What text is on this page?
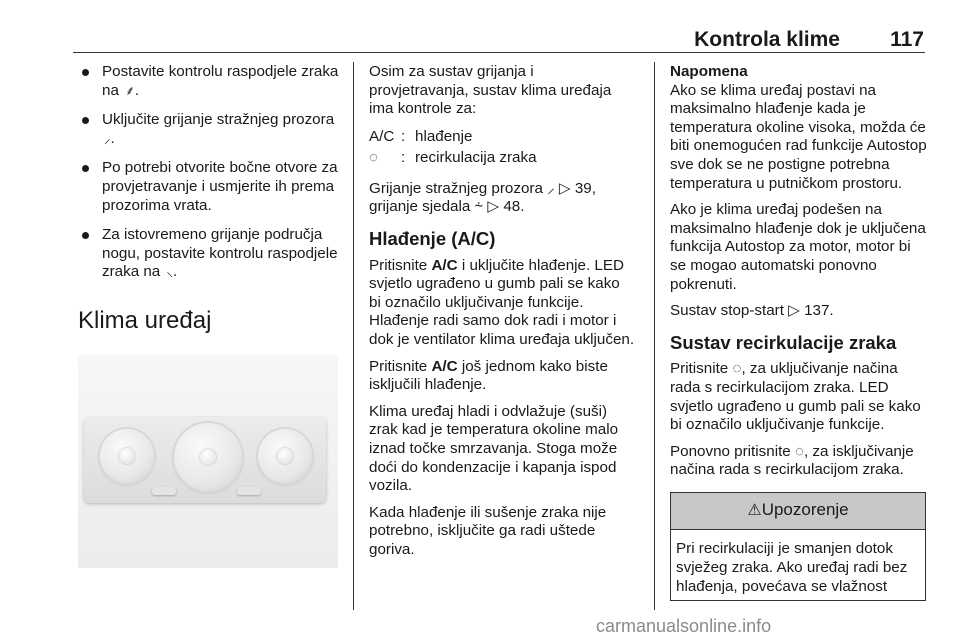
Kontrola klime 117
Postavite kontrolu raspodjele zraka na ⸙.
Uključite grijanje stražnjeg prozora ⸝.
Po potrebi otvorite bočne otvore za provjetravanje i usmjerite ih prema prozorima vrata.
Za istovremeno grijanje područja nogu, postavite kontrolu raspodjele zraka na ⸜.
Klima uređaj
Osim za sustav grijanja i provjetravanja, sustav klima uređaja ima kontrole za:
A/C : hlađenje
◌	: recirkulacija zraka

Grijanje stražnjeg prozora ⸝ ▷ 39, grijanje sjedala ⸞ ▷ 48.

Hlađenje (A/C)

Pritisnite A/C i uključite hlađenje. LED svjetlo ugrađeno u gumb pali se kako bi označilo uključivanje funkcije. Hlađenje radi samo dok radi i motor i dok je ventilator klima uređaja uključen.

Pritisnite A/C još jednom kako biste isključili hlađenje.

Klima uređaj hladi i odvlažuje (suši) zrak kad je temperatura okoline malo iznad točke smrzavanja. Stoga može doći do kondenzacije i kapanja ispod vozila.

Kada hlađenje ili sušenje zraka nije potrebno, isključite ga radi uštede goriva.

Napomena

Ako se klima uređaj postavi na maksimalno hlađenje kada je temperatura okoline visoka, možda će biti onemogućen rad funkcije Autostop sve dok se ne postigne potrebna temperatura u putničkom prostoru.

Ako je klima uređaj podešen na maksimalno hlađenje dok je uključena funkcija Autostop za motor, motor bi se mogao automatski ponovno pokrenuti.

Sustav stop-start ▷ 137.

Sustav recirkulacije zraka

Pritisnite ◌, za uključivanje načina rada s recirkulacijom zraka. LED svjetlo ugrađeno u gumb pali se kako bi označilo uključivanje funkcije.

Ponovno pritisnite ◌, za isključivanje načina rada s recirkulacijom zraka.

⚠Upozorenje
Pri recirkulaciji je smanjen dotok svježeg zraka. Ako uređaj radi bez hlađenja, povećava se vlažnost
carmanualsonline.info
